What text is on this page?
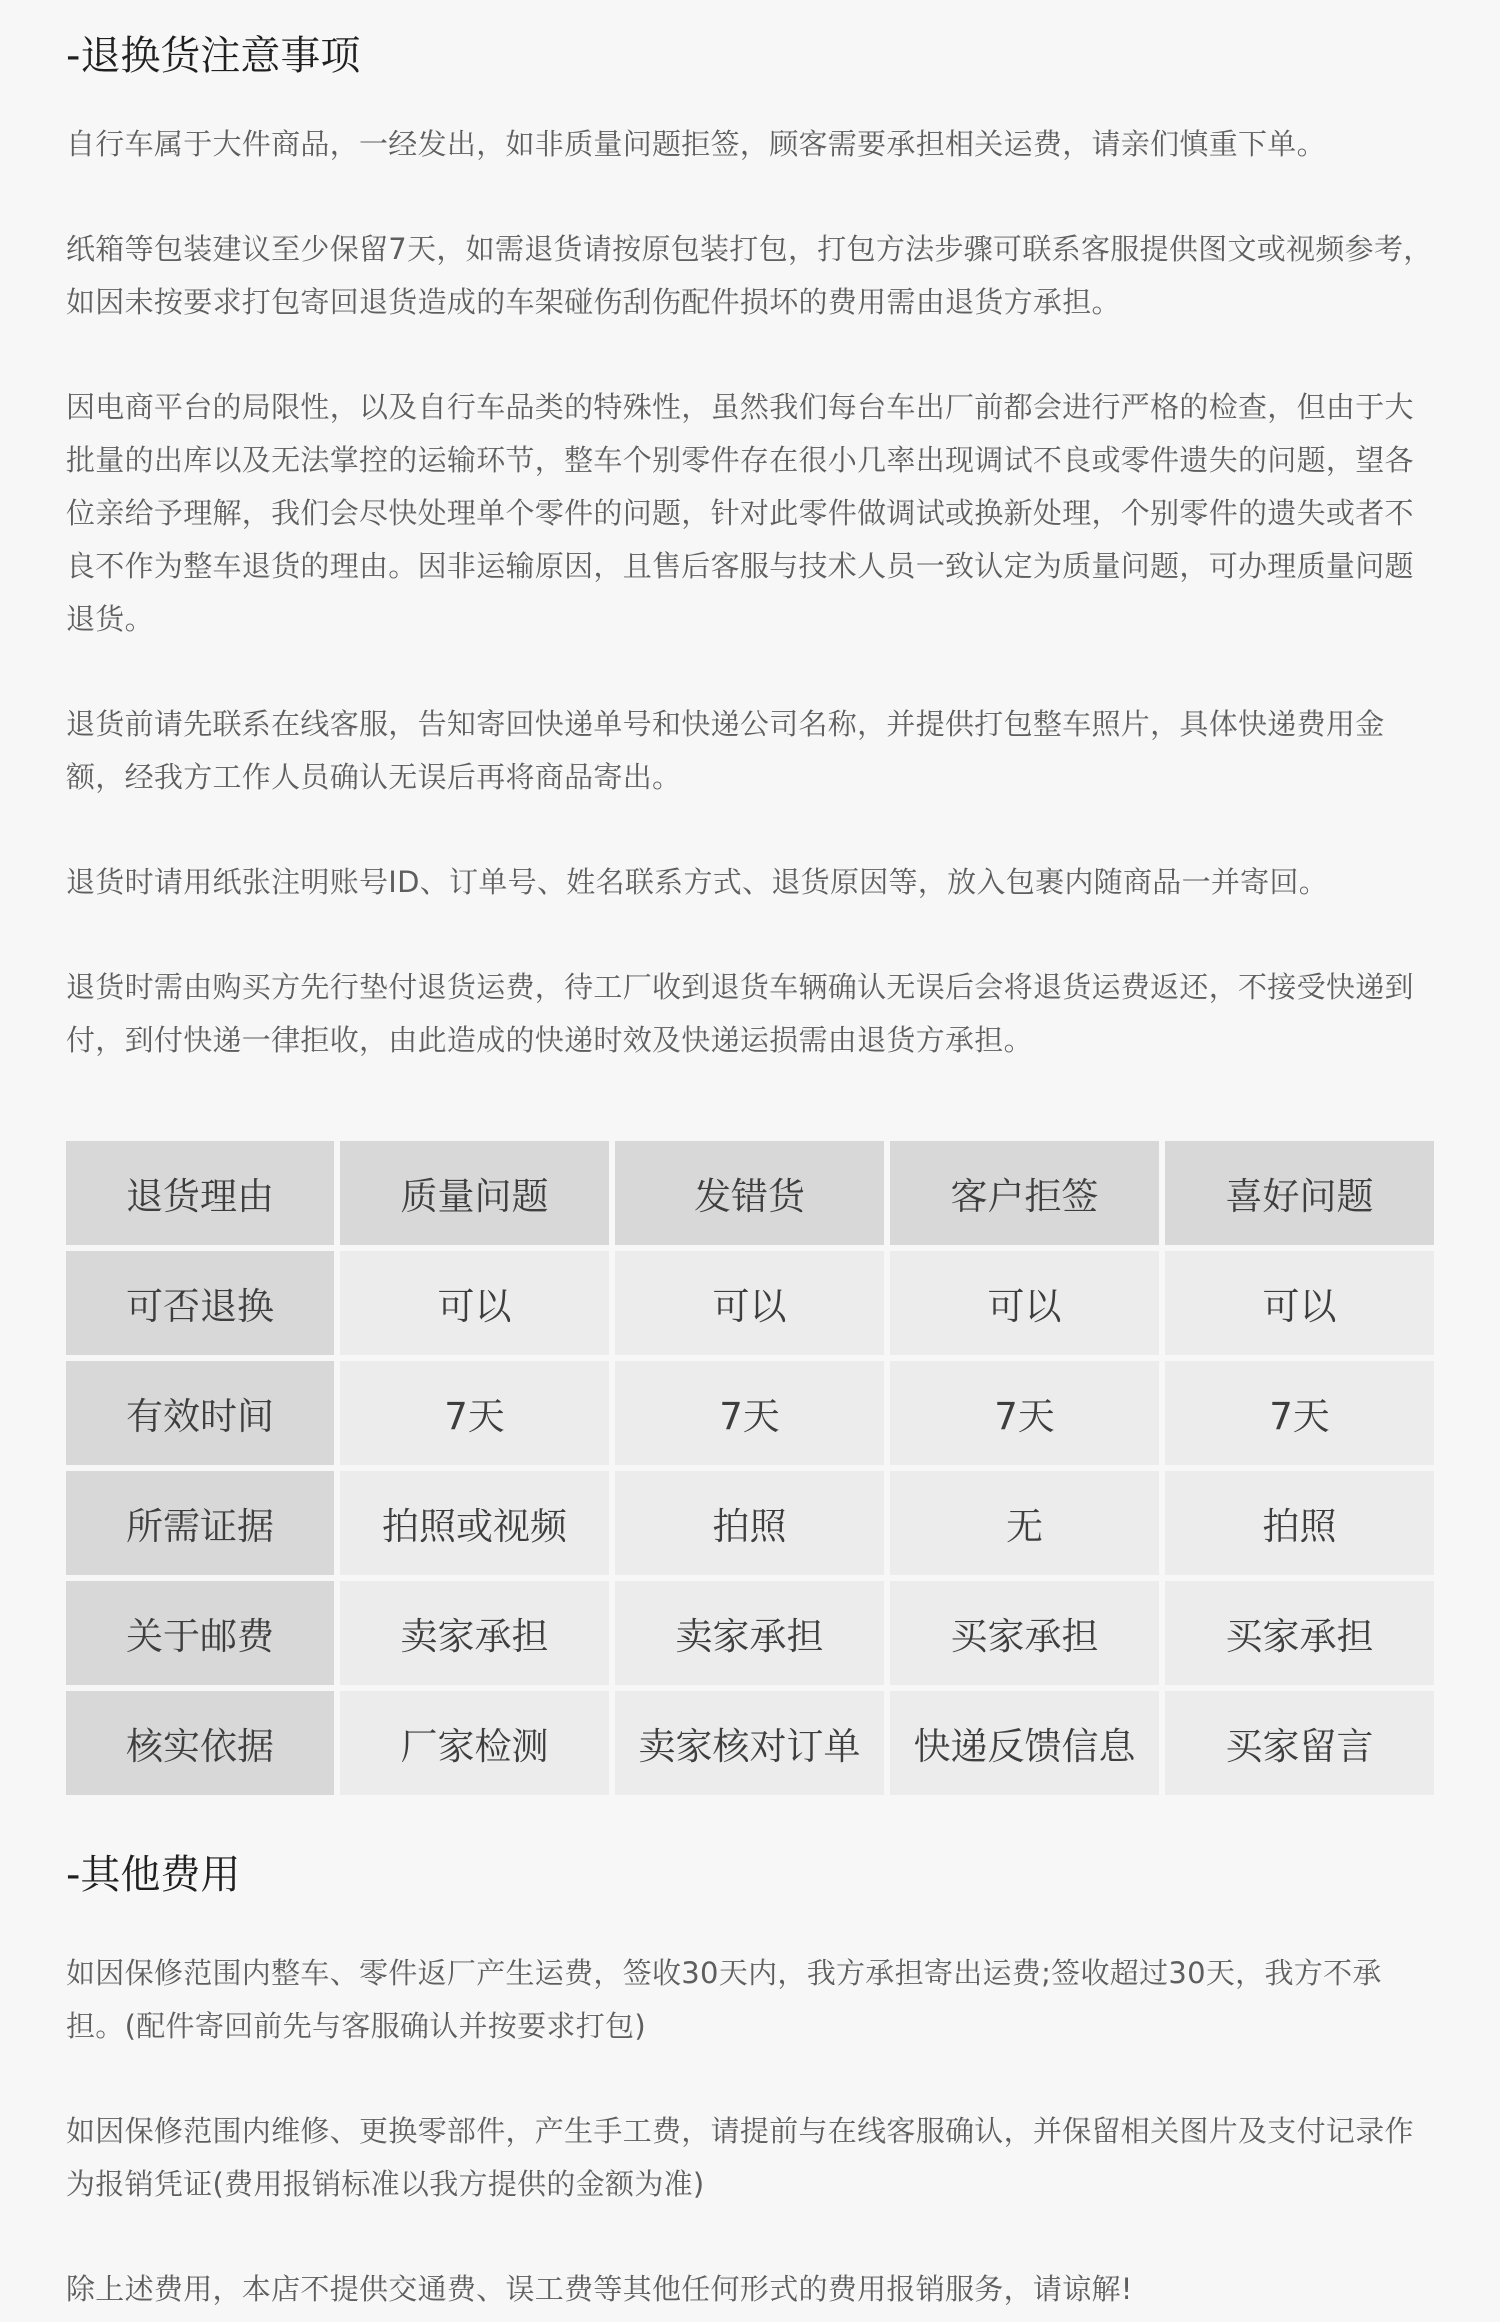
-退换货注意事项

自行车属于大件商品，一经发出，如非质量问题拒签，顾客需要承担相关运费，请亲们慎重下单。

纸箱等包装建议至少保留7天，如需退货请按原包装打包，打包方法步骤可联系客服提供图文或视频参考，如因未按要求打包寄回退货造成的车架碰伤刮伤配件损坏的费用需由退货方承担。

因电商平台的局限性，以及自行车品类的特殊性，虽然我们每台车出厂前都会进行严格的检查，但由于大批量的出库以及无法掌控的运输环节，整车个别零件存在很小几率出现调试不良或零件遗失的问题，望各位亲给予理解，我们会尽快处理单个零件的问题，针对此零件做调试或换新处理，个别零件的遗失或者不良不作为整车退货的理由。因非运输原因，且售后客服与技术人员一致认定为质量问题，可办理质量问题退货。

退货前请先联系在线客服，告知寄回快递单号和快递公司名称，并提供打包整车照片，具体快递费用金额，经我方工作人员确认无误后再将商品寄出。

退货时请用纸张注明账号ID、订单号、姓名联系方式、退货原因等，放入包裹内随商品一并寄回。

退货时需由购买方先行垫付退货运费，待工厂收到退货车辆确认无误后会将退货运费返还，不接受快递到付，到付快递一律拒收，由此造成的快递时效及快递运损需由退货方承担。

退货理由	质量问题	发错货	客户拒签	喜好问题
可否退换	可以	可以	可以	可以
有效时间	7天	7天	7天	7天
所需证据	拍照或视频	拍照	无	拍照
关于邮费	卖家承担	卖家承担	买家承担	买家承担
核实依据	厂家检测	卖家核对订单	快递反馈信息	买家留言
-其他费用

如因保修范围内整车、零件返厂产生运费，签收30天内，我方承担寄出运费;签收超过30天，我方不承担。(配件寄回前先与客服确认并按要求打包)

如因保修范围内维修、更换零部件，产生手工费，请提前与在线客服确认，并保留相关图片及支付记录作为报销凭证(费用报销标准以我方提供的金额为准)

除上述费用，本店不提供交通费、误工费等其他任何形式的费用报销服务，请谅解!
